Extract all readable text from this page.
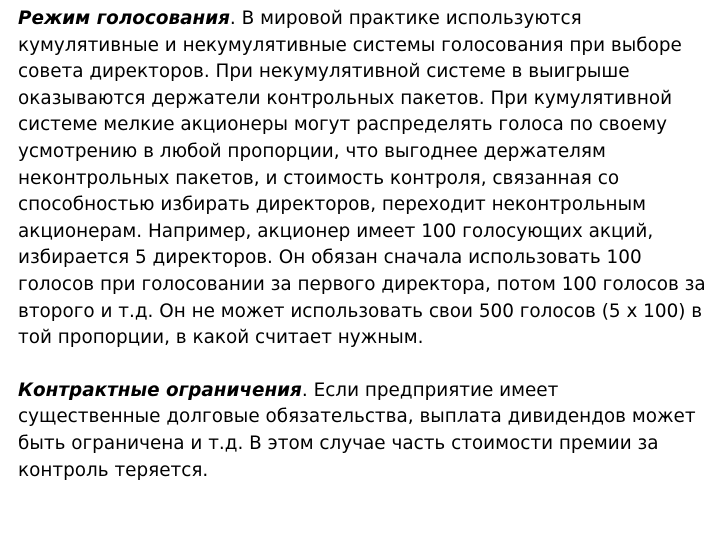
Режим голосования. В мировой практике используются кумулятивные и некумулятивные системы голосования при выборе совета директоров. При некумулятивной системе в выигрыше оказываются держатели контрольных пакетов. При кумулятивной системе мелкие акционеры могут распределять голоса по своему усмотрению в любой пропорции, что выгоднее держателям неконтрольных пакетов, и стоимость контроля, связанная со способностью избирать директоров, переходит неконтрольным акционерам. Например, акционер имеет 100 голосующих акций, избирается 5 директоров. Он обязан сначала использовать 100 голосов при голосовании за первого директора, потом 100 голосов за второго и т.д. Он не может использовать свои 500 голосов (5 х 100) в той пропорции, в какой считает нужным.

Контрактные ограничения. Если предприятие имеет существенные долговые обязательства, выплата дивидендов может быть ограничена и т.д. В этом случае часть стоимости премии за контроль теряется.
